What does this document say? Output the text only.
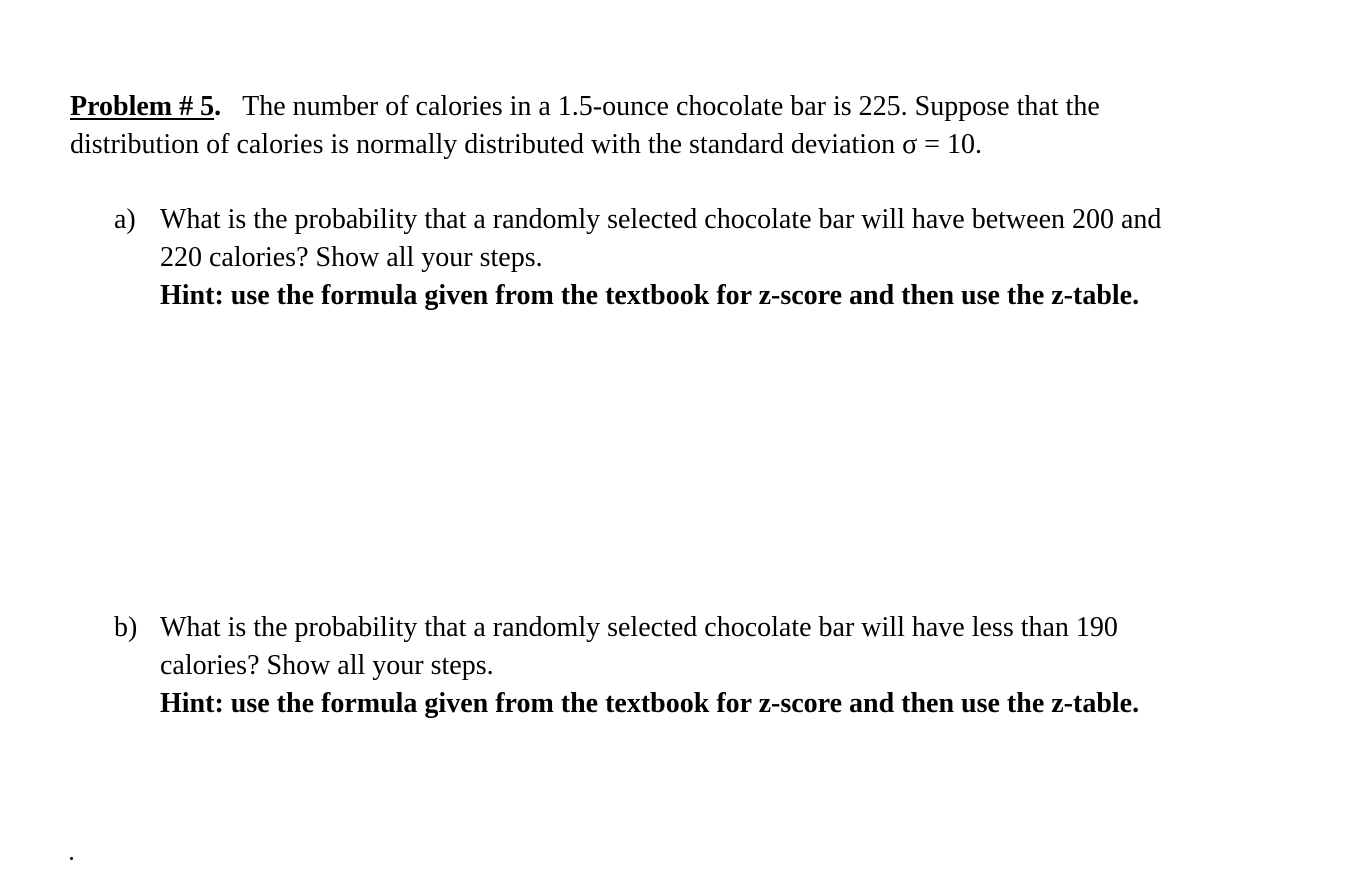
Problem # 5. The number of calories in a 1.5-ounce chocolate bar is 225. Suppose that the
distribution of calories is normally distributed with the standard deviation σ = 10.
a) What is the probability that a randomly selected chocolate bar will have between 200 and
220 calories? Show all your steps.
Hint: use the formula given from the textbook for z-score and then use the z-table.
b) What is the probability that a randomly selected chocolate bar will have less than 190
calories? Show all your steps.
Hint: use the formula given from the textbook for z-score and then use the z-table.
